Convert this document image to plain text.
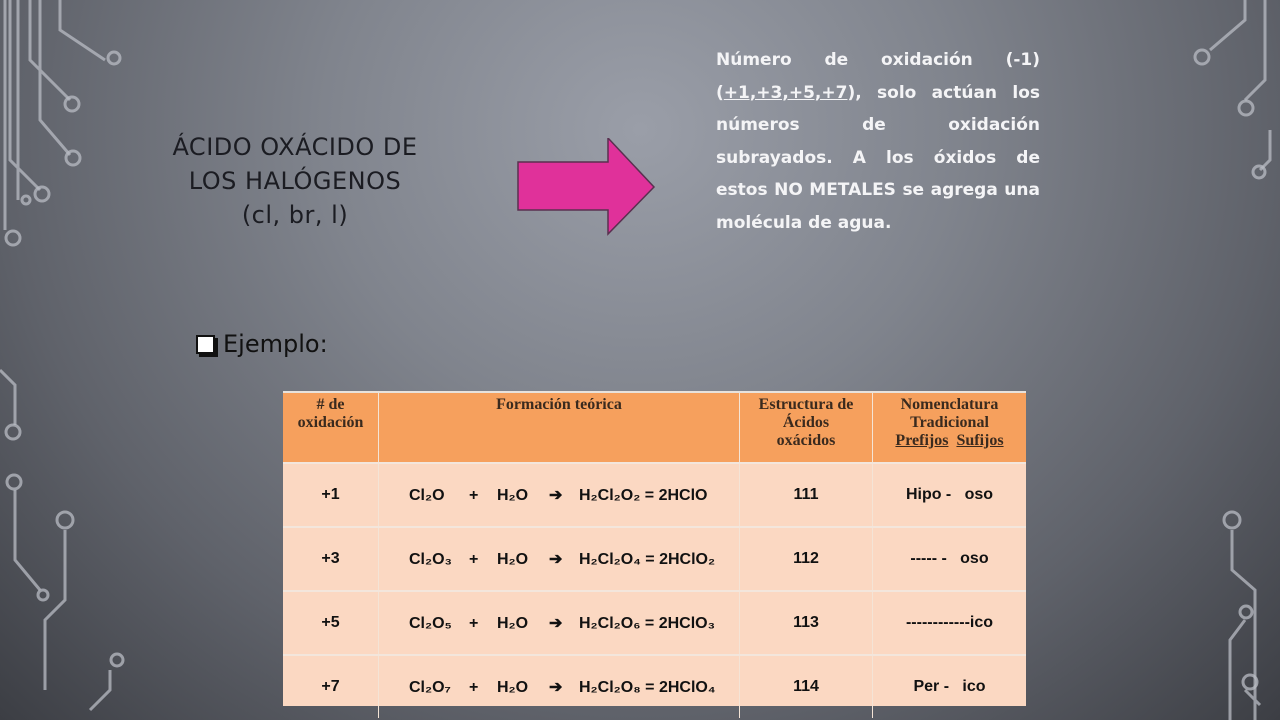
ÁCIDO OXÁCIDO DE
LOS HALÓGENOS
(cl, br, l)
Número de oxidación (-1) (+1,+3,+5,+7), solo actúan los números de oxidación subrayados. A los óxidos de estos NO METALES se agrega una molécula de agua.
Ejemplo:
# de
oxidación	Formación teórica	Estructura de
Ácidos
oxácidos	Nomenclatura
Tradicional
Prefijos Sufijos
+1	Cl₂O + H₂O ➔ H₂Cl₂O₂ = 2HClO	111	Hipo -   oso
+3	Cl₂O₃ + H₂O ➔ H₂Cl₂O₄ = 2HClO₂	112	----- -   oso
+5	Cl₂O₅ + H₂O ➔ H₂Cl₂O₆ = 2HClO₃	113	------------ico
+7	Cl₂O₇ + H₂O ➔ H₂Cl₂O₈ = 2HClO₄	114	Per -   ico
